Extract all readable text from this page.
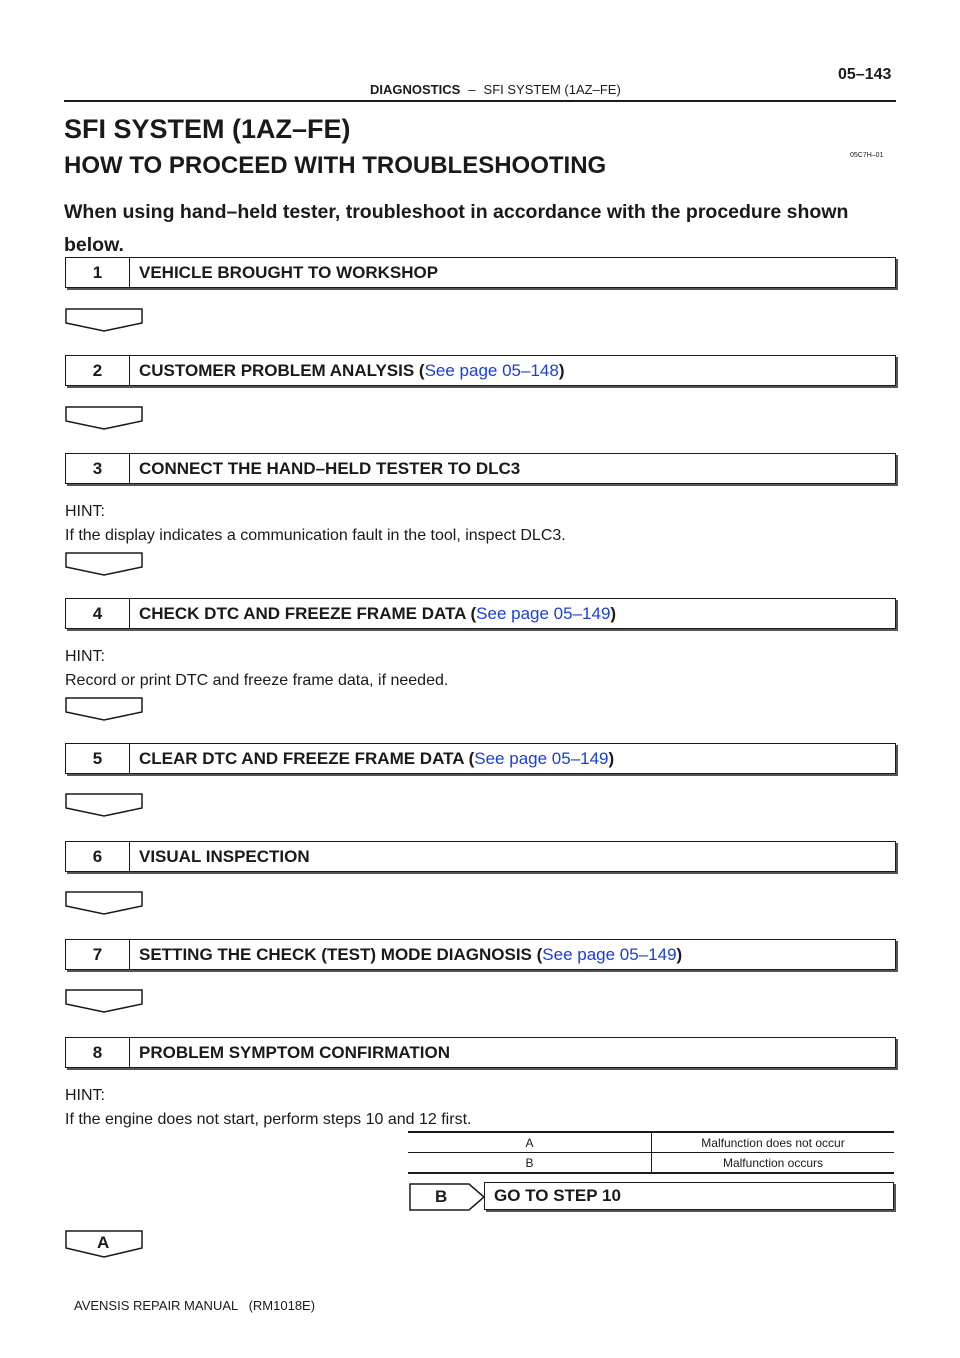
DIAGNOSTICS – SFI SYSTEM (1AZ–FE)
05–143
SFI SYSTEM (1AZ–FE)
05C7H–01
HOW TO PROCEED WITH TROUBLESHOOTING
When using hand–held tester, troubleshoot in accordance with the procedure shown below.
1	VEHICLE BROUGHT TO WORKSHOP
2	CUSTOMER PROBLEM ANALYSIS ( See page 05–148 )
3	CONNECT THE HAND–HELD TESTER TO DLC3
HINT:
If the display indicates a communication fault in the tool, inspect DLC3.
4	CHECK DTC AND FREEZE FRAME DATA ( See page 05–149 )
HINT:
Record or print DTC and freeze frame data, if needed.
5	CLEAR DTC AND FREEZE FRAME DATA ( See page 05–149 )
6	VISUAL INSPECTION
7	SETTING THE CHECK (TEST) MODE DIAGNOSIS ( See page 05–149 )
8	PROBLEM SYMPTOM CONFIRMATION
HINT:
If the engine does not start, perform steps 10 and 12 first.
A	Malfunction does not occur
B	Malfunction occurs
B	GO TO STEP 10
A
AVENSIS REPAIR MANUAL   (RM1018E)
